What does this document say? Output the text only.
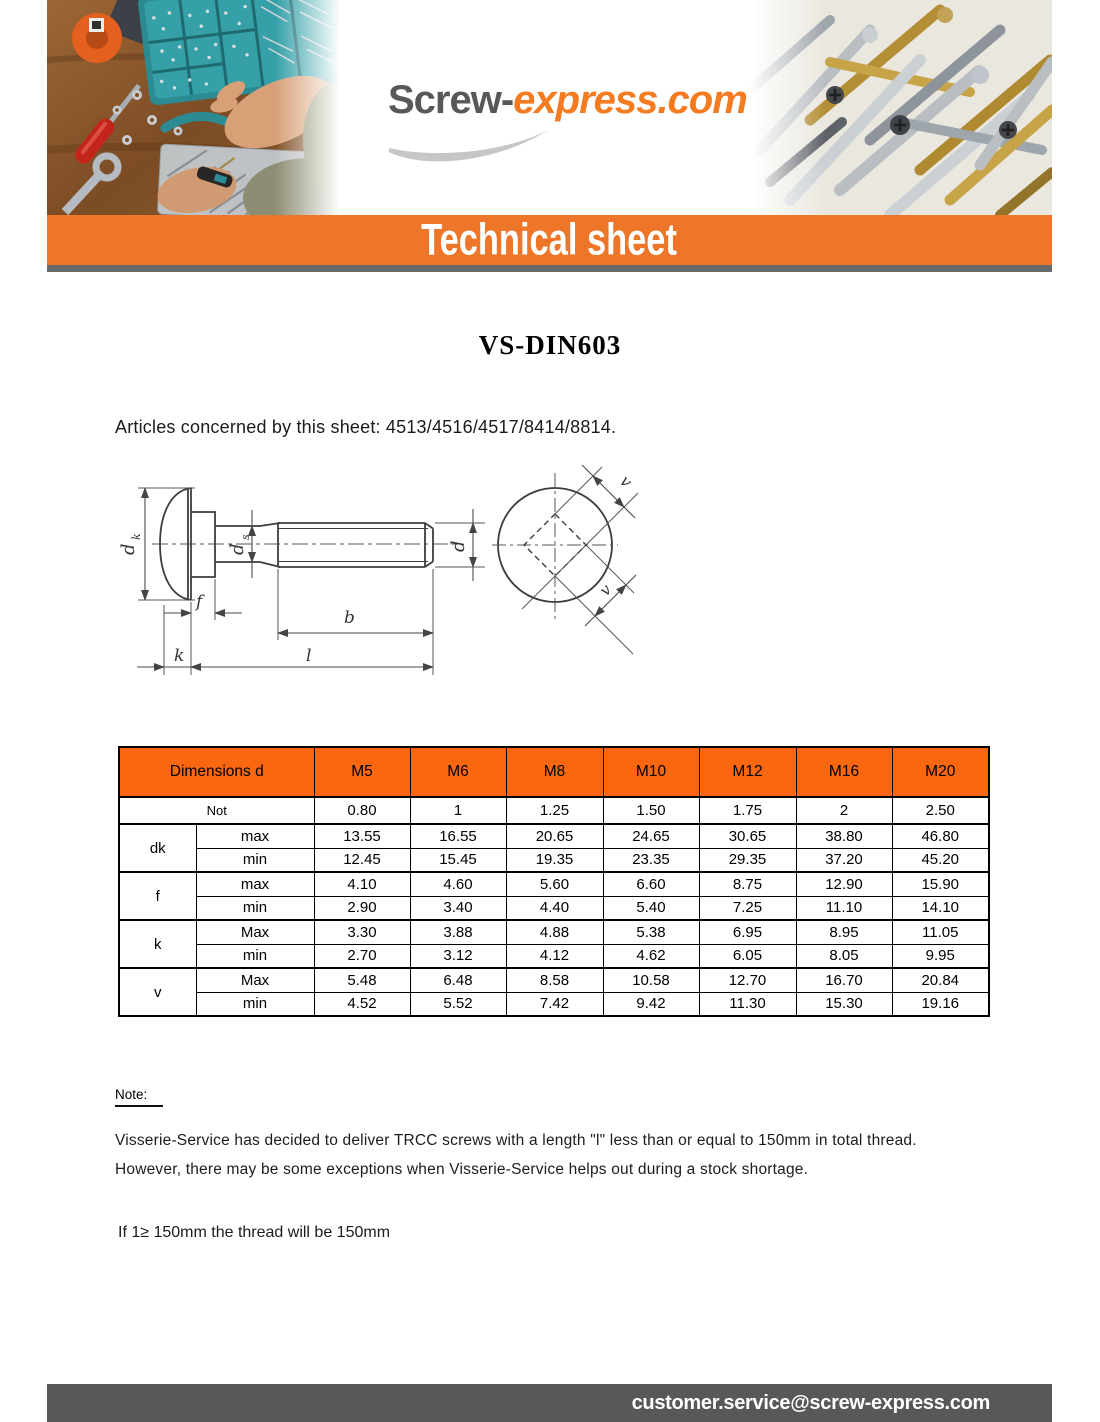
Screw-express.com
Technical sheet
VS-DIN603
Articles concerned by this sheet: 4513/4516/4517/8414/8814.
d
k
d
s
d
f
k
b
l
v
v
Dimensions d		M5	M6	M8	M10	M12	M16	M20
Not		0.80	1	1.25	1.50	1.75	2	2.50
dk	max	13.55	16.55	20.65	24.65	30.65	38.80	46.80
	min	12.45	15.45	19.35	23.35	29.35	37.20	45.20
f	max	4.10	4.60	5.60	6.60	8.75	12.90	15.90
	min	2.90	3.40	4.40	5.40	7.25	11.10	14.10
k	Max	3.30	3.88	4.88	5.38	6.95	8.95	11.05
	min	2.70	3.12	4.12	4.62	6.05	8.05	9.95
v	Max	5.48	6.48	8.58	10.58	12.70	16.70	20.84
	min	4.52	5.52	7.42	9.42	11.30	15.30	19.16
Note:
Visserie-Service has decided to deliver TRCC screws with a length "l" less than or equal to 150mm in total thread. However, there may be some exceptions when Visserie-Service helps out during a stock shortage.
If 1≥ 150mm the thread will be 150mm
customer.service@screw-express.com
